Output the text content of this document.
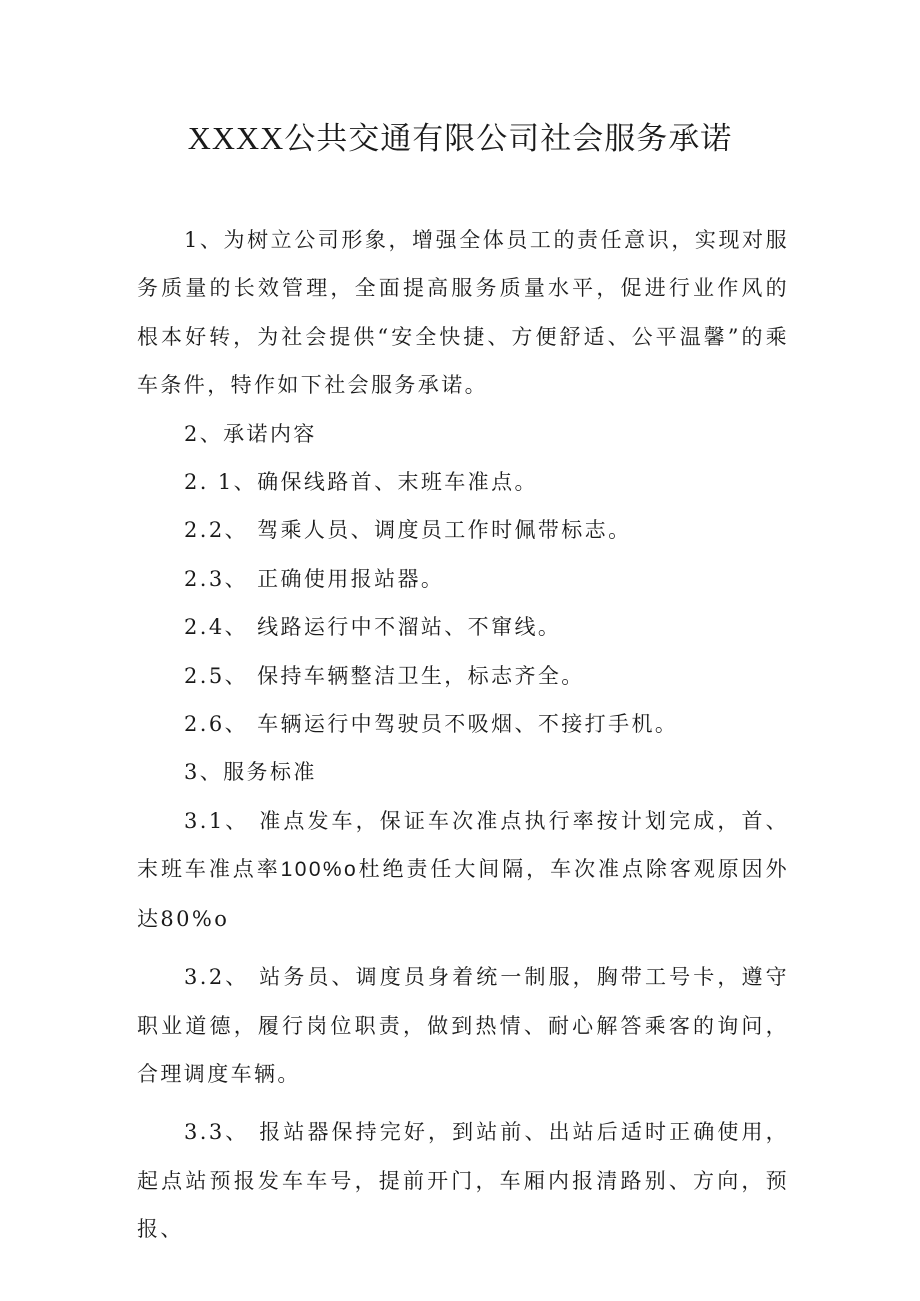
XXXX公共交通有限公司社会服务承诺

1、为树立公司形象，增强全体员工的责任意识，实现对服务质量的长效管理，全面提高服务质量水平，促进行业作风的根本好转，为社会提供“安全快捷、方便舒适、公平温馨”的乘车条件，特作如下社会服务承诺。

2、承诺内容

2. 1、确保线路首、末班车准点。

2.2、 驾乘人员、调度员工作时佩带标志。

2.3、 正确使用报站器。

2.4、 线路运行中不溜站、不窜线。

2.5、 保持车辆整洁卫生，标志齐全。

2.6、 车辆运行中驾驶员不吸烟、不接打手机。

3、服务标准

3.1、 准点发车，保证车次准点执行率按计划完成，首、末班车准点率100%o杜绝责任大间隔，车次准点除客观原因外达80%o

3.2、 站务员、调度员身着统一制服，胸带工号卡，遵守职业道德，履行岗位职责，做到热情、耐心解答乘客的询问，合理调度车辆。

3.3、 报站器保持完好，到站前、出站后适时正确使用，起点站预报发车车号，提前开门，车厢内报清路别、方向，预报、
